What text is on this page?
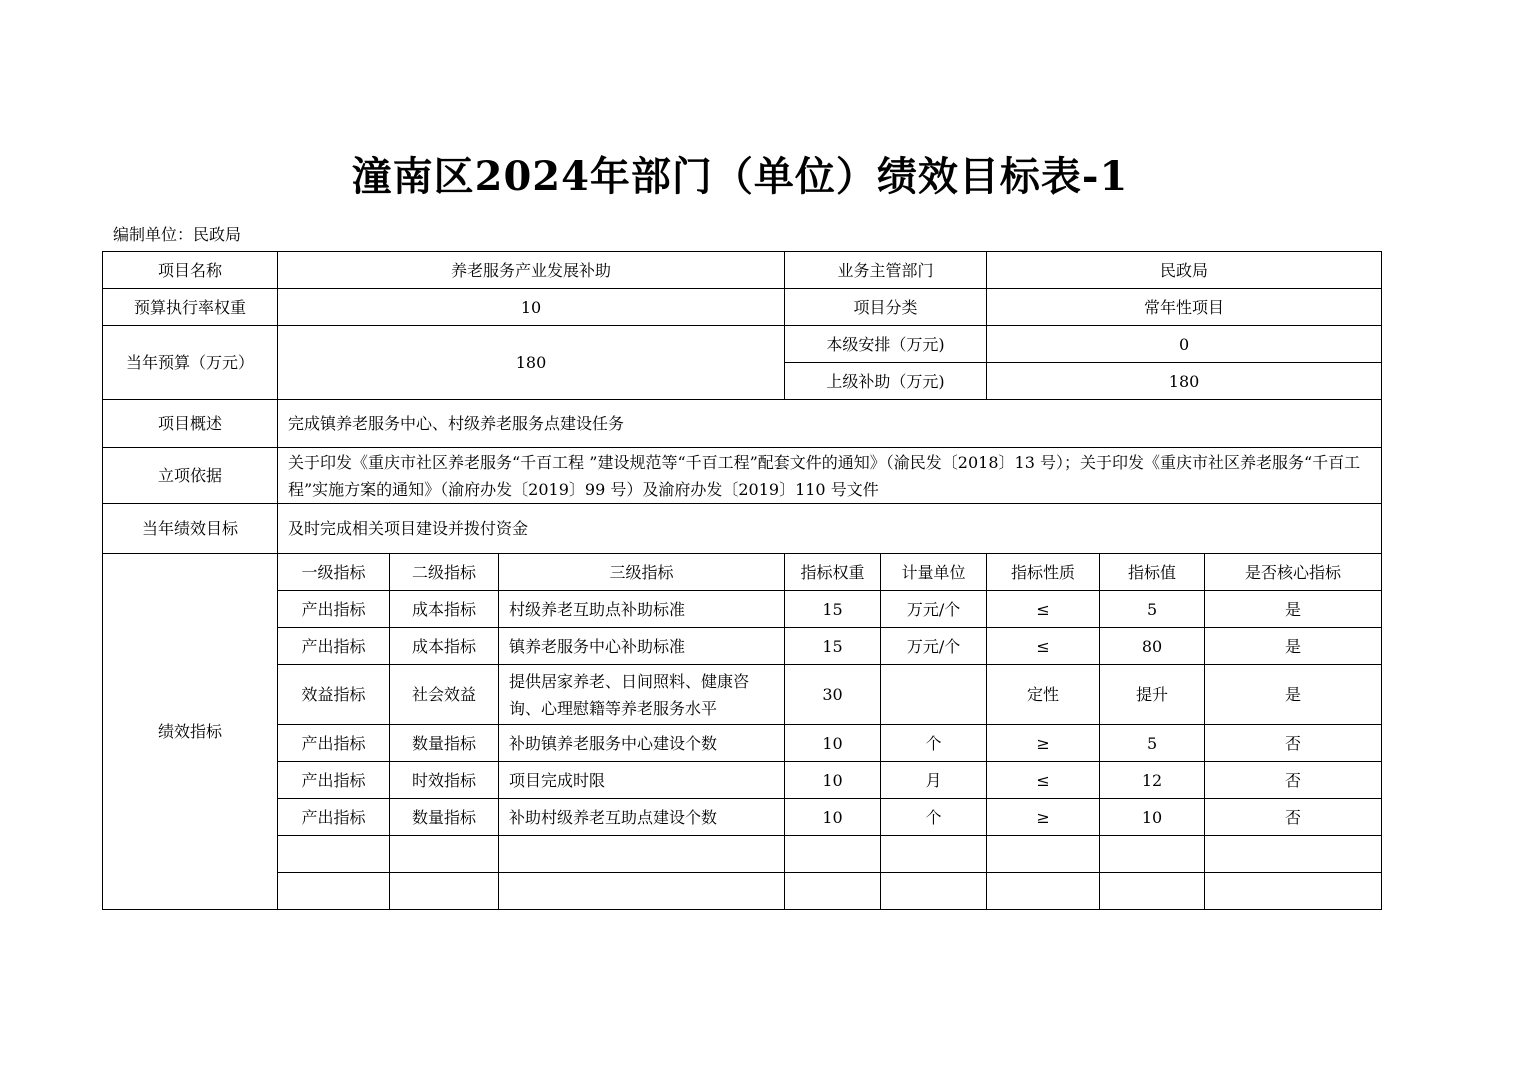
潼南区2024年部门（单位）绩效目标表-1
编制单位：民政局
项目名称	养老服务产业发展补助			业务主管部门		民政局		
预算执行率权重	10			项目分类		常年性项目		
当年预算（万元）	180			本级安排（万元)		0		
				上级补助（万元)		180		
项目概述	完成镇养老服务中心、村级养老服务点建设任务							
立项依据	关于印发《重庆市社区养老服务“千百工程 ”建设规范等“千百工程”配套文件的通知》（渝民发〔2018〕13 号）；关于印发《重庆市社区养老服务“千百工程”实施方案的通知》（渝府办发〔2019〕99 号）及渝府办发〔2019〕110 号文件							
当年绩效目标	及时完成相关项目建设并拨付资金							
绩效指标	一级指标	二级指标	三级指标	指标权重	计量单位	指标性质	指标值	是否核心指标
	产出指标	成本指标	村级养老互助点补助标准	15	万元/个	≤	5	是
	产出指标	成本指标	镇养老服务中心补助标准	15	万元/个	≤	80	是
	效益指标	社会效益	提供居家养老、日间照料、健康咨询、心理慰籍等养老服务水平	30		定性	提升	是
	产出指标	数量指标	补助镇养老服务中心建设个数	10	个	≥	5	否
	产出指标	时效指标	项目完成时限	10	月	≤	12	否
	产出指标	数量指标	补助村级养老互助点建设个数	10	个	≥	10	否
